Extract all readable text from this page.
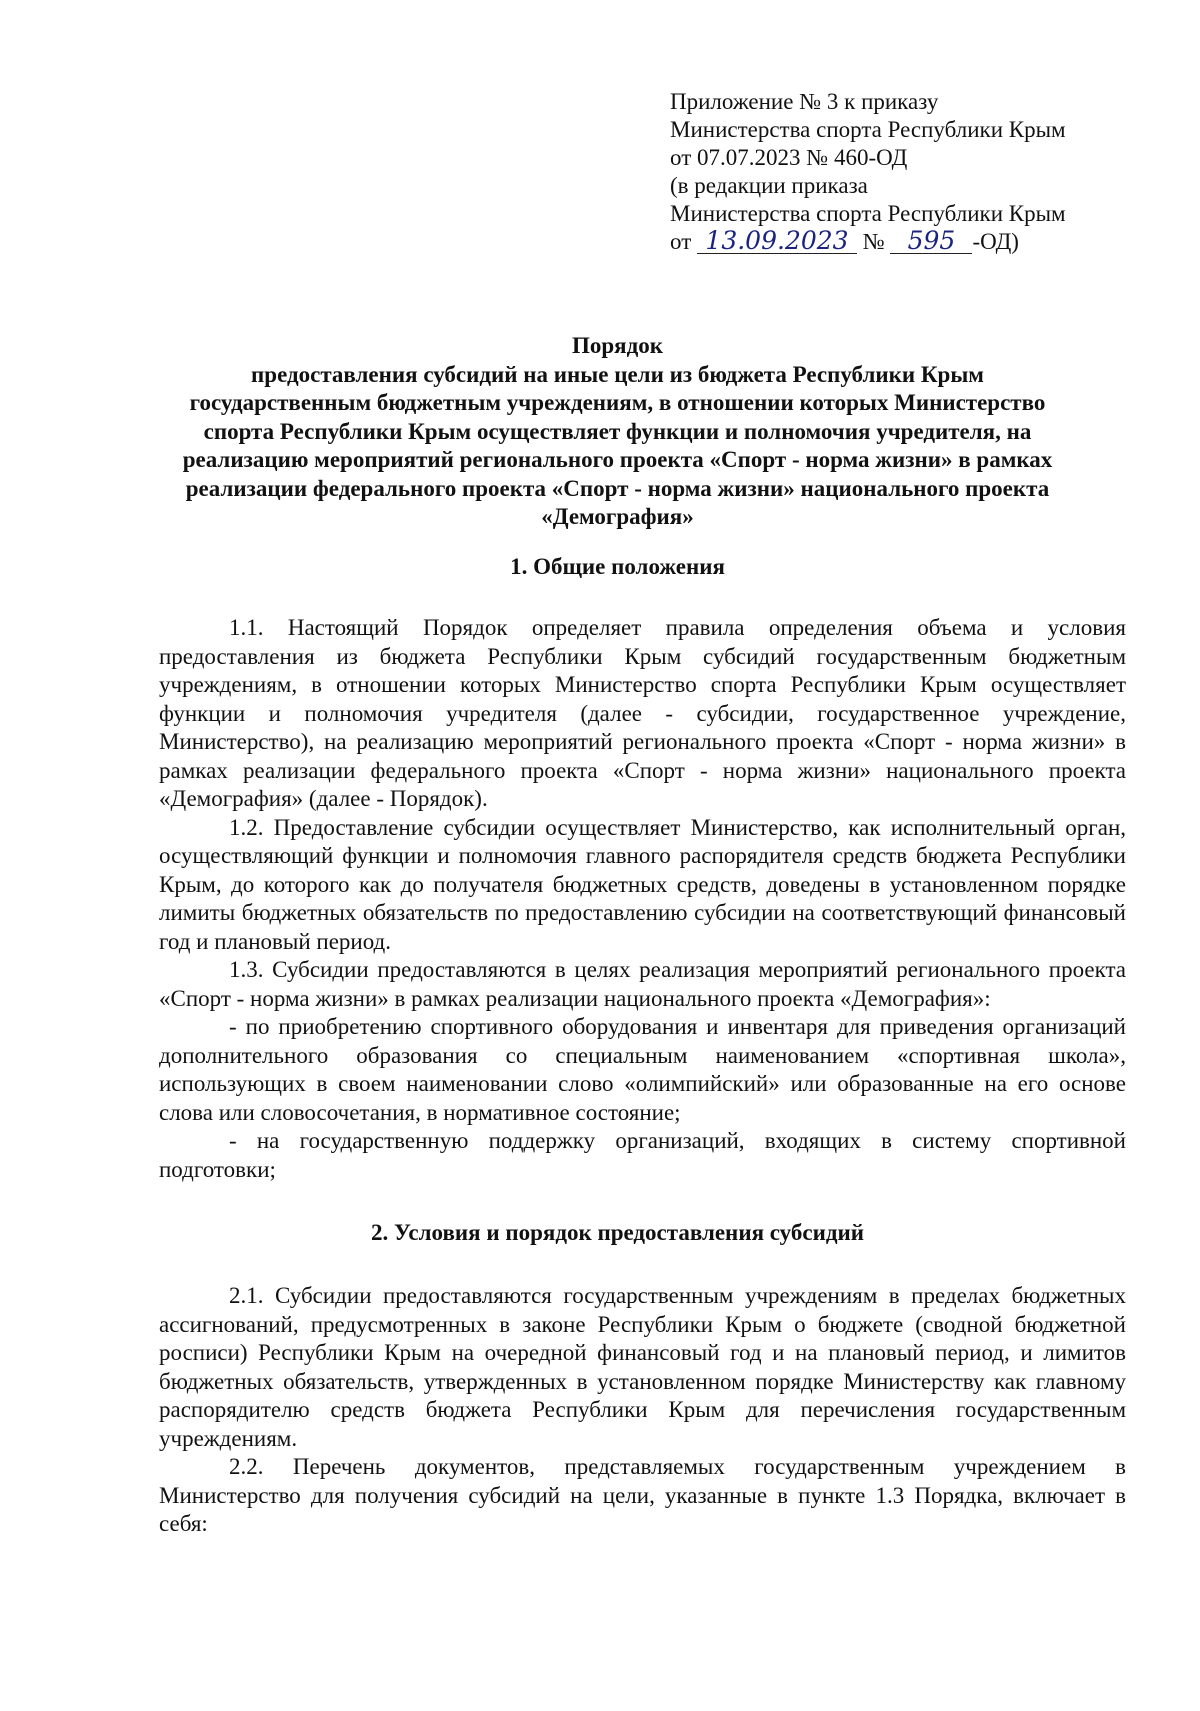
Приложение № 3 к приказу
Министерства спорта Республики Крым
от 07.07.2023 № 460-ОД
(в редакции приказа
Министерства спорта Республики Крым
от 13.09.2023 № 595 -ОД)
Порядок
предоставления субсидий на иные цели из бюджета Республики Крым
государственным бюджетным учреждениям, в отношении которых Министерство
спорта Республики Крым осуществляет функции и полномочия учредителя, на
реализацию мероприятий регионального проекта «Спорт - норма жизни» в рамках
реализации федерального проекта «Спорт - норма жизни» национального проекта
«Демография»
1. Общие положения

1.1. Настоящий Порядок определяет правила определения объема и условия предоставления из бюджета Республики Крым субсидий государственным бюджетным учреждениям, в отношении которых Министерство спорта Республики Крым осуществляет функции и полномочия учредителя (далее - субсидии, государственное учреждение, Министерство), на реализацию мероприятий регионального проекта «Спорт - норма жизни» в рамках реализации федерального проекта «Спорт - норма жизни» национального проекта «Демография» (далее - Порядок).

1.2. Предоставление субсидии осуществляет Министерство, как исполнительный орган, осуществляющий функции и полномочия главного распорядителя средств бюджета Республики Крым, до которого как до получателя бюджетных средств, доведены в установленном порядке лимиты бюджетных обязательств по предоставлению субсидии на соответствующий финансовый год и плановый период.

1.3. Субсидии предоставляются в целях реализация мероприятий регионального проекта «Спорт - норма жизни» в рамках реализации национального проекта «Демография»:

- по приобретению спортивного оборудования и инвентаря для приведения организаций дополнительного образования со специальным наименованием «спортивная школа», использующих в своем наименовании слово «олимпийский» или образованные на его основе слова или словосочетания, в нормативное состояние;

- на государственную поддержку организаций, входящих в систему спортивной подготовки;

2. Условия и порядок предоставления субсидий

2.1. Субсидии предоставляются государственным учреждениям в пределах бюджетных ассигнований, предусмотренных в законе Республики Крым о бюджете (сводной бюджетной росписи) Республики Крым на очередной финансовый год и на плановый период, и лимитов бюджетных обязательств, утвержденных в установленном порядке Министерству как главному распорядителю средств бюджета Республики Крым для перечисления государственным учреждениям.

2.2. Перечень документов, представляемых государственным учреждением в Министерство для получения субсидий на цели, указанные в пункте 1.3 Порядка, включает в себя:
